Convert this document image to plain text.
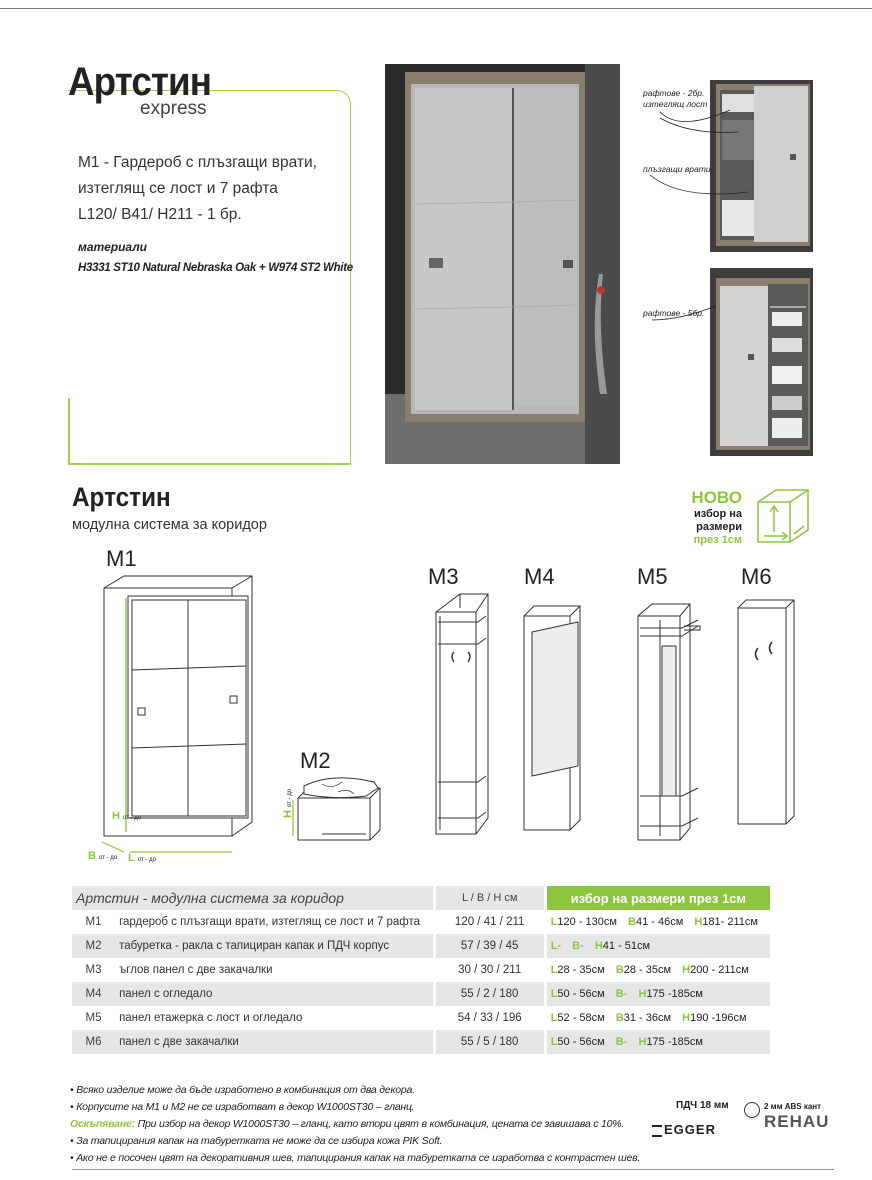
Артстин
express
М1 - Гардероб с плъзгащи врати,
изтеглящ се лост и 7 рафта
L120/ B41/ H211 - 1 бр.
материали
H3331 ST10 Natural Nebraska Oak + W974 ST2 White
рафтове - 2бр.
изтеглящ лост
плъзгащи врати
рафтове - 5бр.
Артстин
модулна система за коридор
НОВО
избор на
размери
през 1см
M1
M2
M3	M4	M5	M6
H от - до
B от - до L от - до
H от - до
Артстин - модулна система за коридор		L / B / H см	избор на размери през 1см
М1	гардероб с плъзгащи врати, изтеглящ се лост и 7 рафта	120 / 41 / 211	L120 - 130см B41 - 46см H181- 211см
М2	табуретка - ракла с тапициран капак и ПДЧ корпус	57 / 39 / 45	L- B- H41 - 51см
М3	ъглов панел с две закачалки	30 / 30 / 211	L28 - 35см B28 - 35см H200 - 211см
М4	панел с огледало	55 / 2 / 180	L50 - 56см B- H175 -185см
М5	панел етажерка с лост и огледало	54 / 33 / 196	L52 - 58см B31 - 36см H190 -196см
М6	панел с две закачалки	55 / 5 / 180	L50 - 56см B- H175 -185см
• Всяко изделие може да бъде изработено в комбинация от два декора.
• Корпусите на М1 и М2 не се изработват в декор W1000ST30 – гланц.
Оскъпяване: При избор на декор W1000ST30 – гланц, като втори цвят в комбинация, цената се завишава с 10%.
• За тапицирания капак на табуретката не може да се избира кожа PIK Soft.
• Ако не е посочен цвят на декоративния шев, тапицирания капак на табуретката се изработва с контрастен шев.
ПДЧ 18 мм
EGGER
2 мм ABS кант
REHAU
